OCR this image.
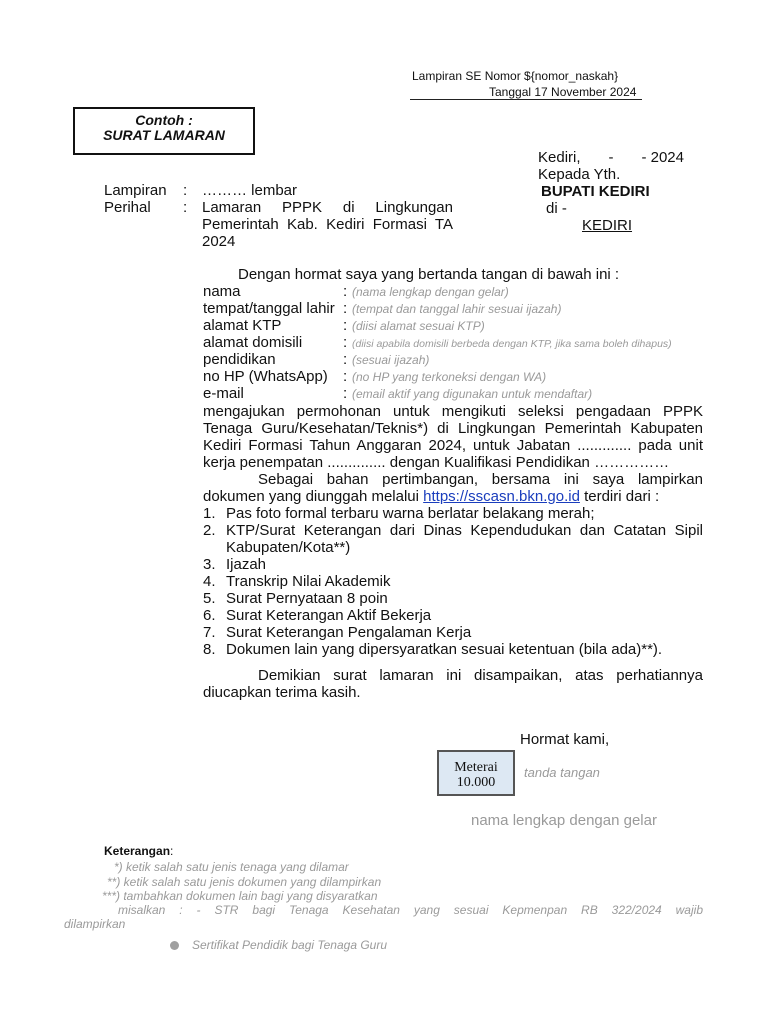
Lampiran SE Nomor ${nomor_naskah}
Tanggal 17 November 2024
Contoh :
SURAT LAMARAN
Kediri, - - 2024
Kepada Yth.
BUPATI KEDIRI
di -
KEDIRI
Lampiran	: ……… lembar
Perihal	: Lamaran PPPK di Lingkungan Pemerintah Kab. Kediri Formasi TA
2024
Dengan hormat saya yang bertanda tangan di bawah ini :
nama	: (nama lengkap dengan gelar)
tempat/tanggal lahir : (tempat dan tanggal lahir sesuai ijazah)
alamat KTP	: (diisi alamat sesuai KTP)
alamat domisili	: (diisi apabila domisili berbeda dengan KTP, jika sama boleh dihapus)
pendidikan	: (sesuai ijazah)
no HP (WhatsApp)	: (no HP yang terkoneksi dengan WA)
e-mail	: (email aktif yang digunakan untuk mendaftar)

mengajukan permohonan untuk mengikuti seleksi pengadaan PPPK Tenaga Guru/Kesehatan/Teknis*) di Lingkungan Pemerintah Kabupaten Kediri Formasi Tahun Anggaran 2024, untuk Jabatan ............. pada unit kerja penempatan .............. dengan Kualifikasi Pendidikan ……………

Sebagai bahan pertimbangan, bersama ini saya lampirkan dokumen yang diunggah melalui https://sscasn.bkn.go.id terdiri dari :

1. Pas foto formal terbaru warna berlatar belakang merah;
2. KTP/Surat Keterangan dari Dinas Kependudukan dan Catatan Sipil Kabupaten/Kota**)
3. Ijazah
4. Transkrip Nilai Akademik
5. Surat Pernyataan 8 poin
6. Surat Keterangan Aktif Bekerja
7. Surat Keterangan Pengalaman Kerja
8. Dokumen lain yang dipersyaratkan sesuai ketentuan (bila ada)**).

Demikian surat lamaran ini disampaikan, atas perhatiannya diucapkan terima kasih.

Hormat kami,
Meterai
10.000
tanda tangan
nama lengkap dengan gelar
Keterangan:
*) ketik salah satu jenis tenaga yang dilamar
**) ketik salah satu jenis dokumen yang dilampirkan
***) tambahkan dokumen lain bagi yang disyaratkan
misalkan : - STR bagi Tenaga Kesehatan yang sesuai Kepmenpan RB 322/2024 wajib
dilampirkan
Sertifikat Pendidik bagi Tenaga Guru
